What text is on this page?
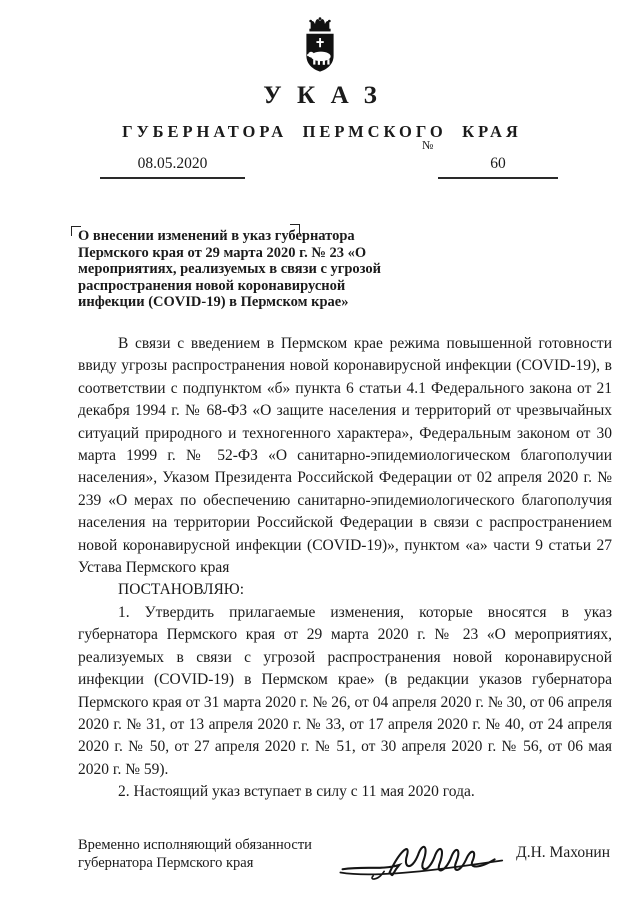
УКАЗ
ГУБЕРНАТОРА ПЕРМСКОГО КРАЯ
08.05.2020
№
60
О внесении изменений в указ губернатора Пермского края от 29 марта 2020 г. № 23 «О мероприятиях, реализуемых в связи с угрозой распространения новой коронавирусной инфекции (COVID-19) в Пермском крае»

В связи с введением в Пермском крае режима повышенной готовности ввиду угрозы распространения новой коронавирусной инфекции (COVID-19), в соответствии с подпунктом «б» пункта 6 статьи 4.1 Федерального закона от 21 декабря 1994 г. № 68-ФЗ «О защите населения и территорий от чрезвычайных ситуаций природного и техногенного характера», Федеральным законом от 30 марта 1999 г. № 52-ФЗ «О санитарно-эпидемиологическом благополучии населения», Указом Президента Российской Федерации от 02 апреля 2020 г. № 239 «О мерах по обеспечению санитарно-эпидемиологического благополучия населения на территории Российской Федерации в связи с распространением новой коронавирусной инфекции (COVID-19)», пунктом «а» части 9 статьи 27 Устава Пермского края

ПОСТАНОВЛЯЮ:

1. Утвердить прилагаемые изменения, которые вносятся в указ губернатора Пермского края от 29 марта 2020 г. № 23 «О мероприятиях, реализуемых в связи с угрозой распространения новой коронавирусной инфекции (COVID-19) в Пермском крае» (в редакции указов губернатора Пермского края от 31 марта 2020 г. № 26, от 04 апреля 2020 г. № 30, от 06 апреля 2020 г. № 31, от 13 апреля 2020 г. № 33, от 17 апреля 2020 г. № 40, от 24 апреля 2020 г. № 50, от 27 апреля 2020 г. № 51, от 30 апреля 2020 г. № 56, от 06 мая 2020 г. № 59).

2. Настоящий указ вступает в силу с 11 мая 2020 года.

Временно исполняющий обязанности
губернатора Пермского края
Д.Н. Махонин
